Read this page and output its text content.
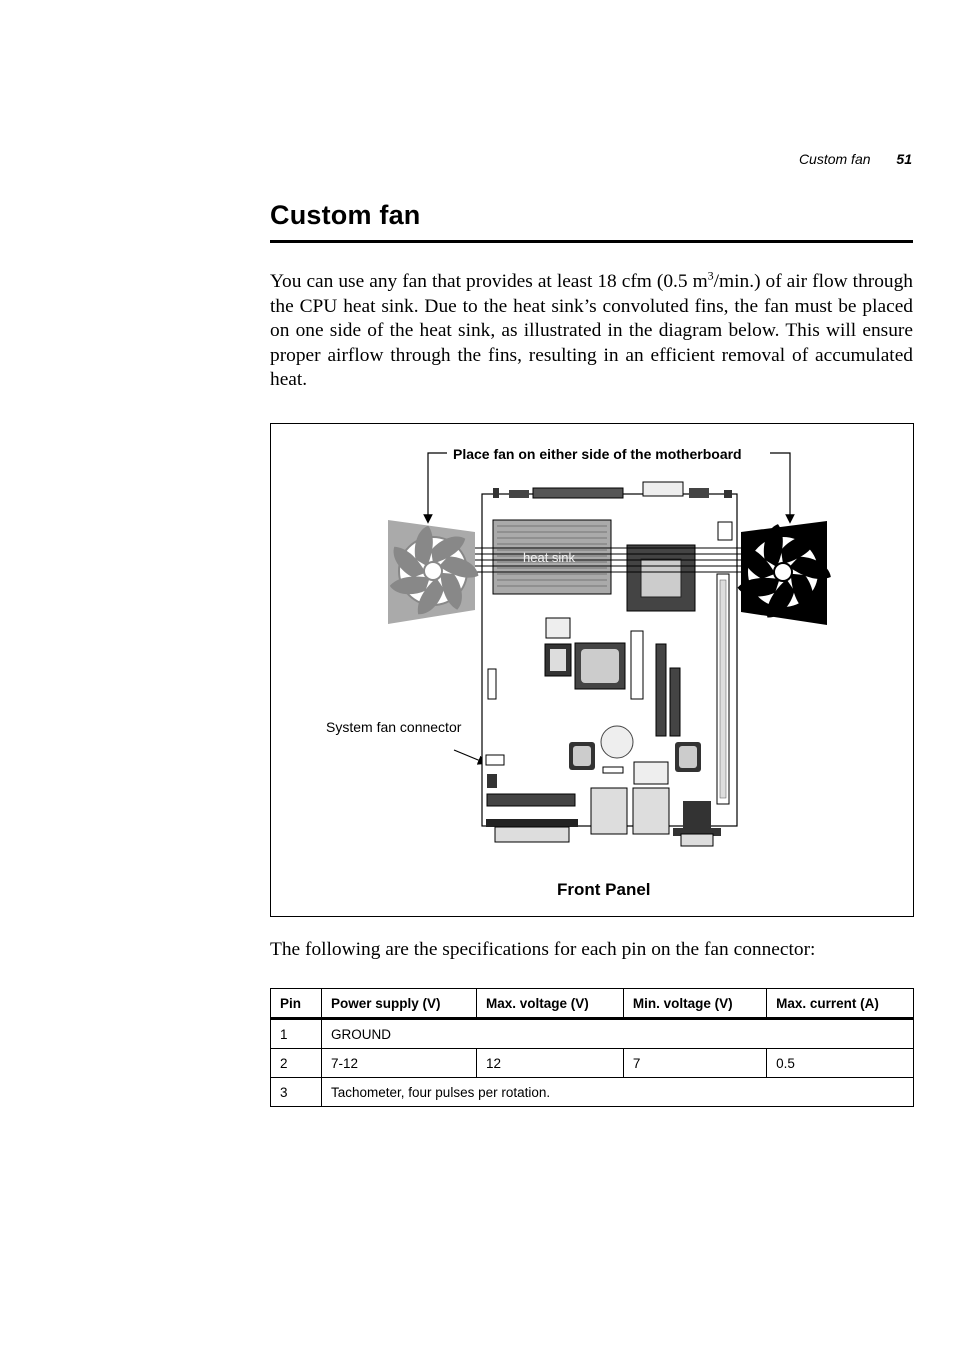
Custom fan 51
Custom fan

You can use any fan that provides at least 18 cfm (0.5 $m^3/\min$.) of air flow through the CPU heat sink. Due to the heat sink’s convoluted fins, the fan must be placed on one side of the heat sink, as illustrated in the diagram below. This will ensure proper airflow through the fins, resulting in an efficient removal of accumulated heat.

Place fan on either side of the motherboard
System fan connector
heat sink
Front Panel

The following are the specifications for each pin on the fan connector:

Pin	Power supply (V)	Max. voltage (V)	Min. voltage (V)	Max. current (A)
1	GROUND			
2	7-12	12	7	0.5
3	Tachometer, four pulses per rotation.			
